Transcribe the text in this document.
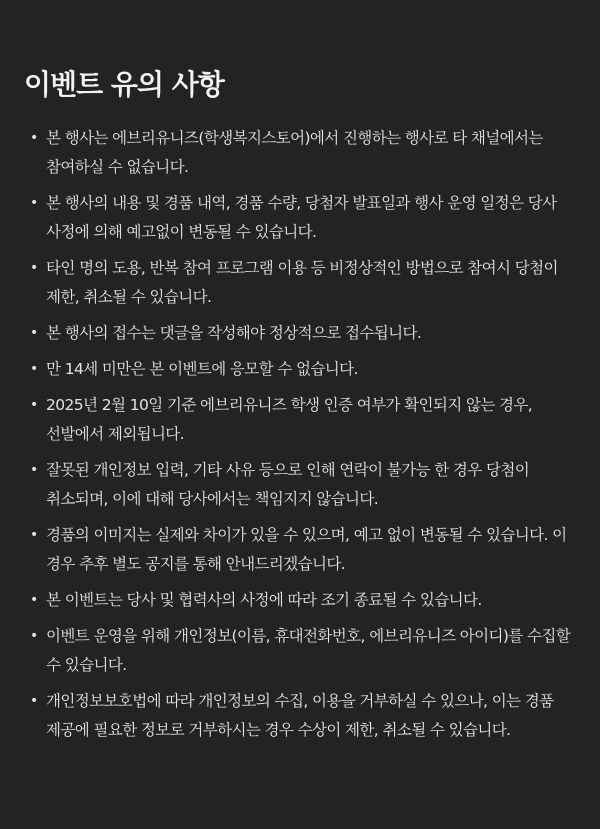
이벤트 유의 사항
• 본 행사는 에브리유니즈(학생복지스토어)에서 진행하는 행사로 타 채널에서는 참여하실 수 없습니다.
• 본 행사의 내용 및 경품 내역, 경품 수량, 당첨자 발표일과 행사 운영 일정은 당사 사정에 의해 예고없이 변동될 수 있습니다.
• 타인 명의 도용, 반복 참여 프로그램 이용 등 비정상적인 방법으로 참여시 당첨이 제한, 취소될 수 있습니다.
• 본 행사의 접수는 댓글을 작성해야 정상적으로 접수됩니다.
• 만 14세 미만은 본 이벤트에 응모할 수 없습니다.
• 2025년 2월 10일 기준 에브리유니즈 학생 인증 여부가 확인되지 않는 경우, 선발에서 제외됩니다.
• 잘못된 개인정보 입력, 기타 사유 등으로 인해 연락이 불가능 한 경우 당첨이 취소되며, 이에 대해 당사에서는 책임지지 않습니다.
• 경품의 이미지는 실제와 차이가 있을 수 있으며, 예고 없이 변동될 수 있습니다. 이 경우 추후 별도 공지를 통해 안내드리겠습니다.
• 본 이벤트는 당사 및 협력사의 사정에 따라 조기 종료될 수 있습니다.
• 이벤트 운영을 위해 개인정보(이름, 휴대전화번호, 에브리유니즈 아이디)를 수집할 수 있습니다.
• 개인정보보호법에 따라 개인정보의 수집, 이용을 거부하실 수 있으나, 이는 경품 제공에 필요한 정보로 거부하시는 경우 수상이 제한, 취소될 수 있습니다.
